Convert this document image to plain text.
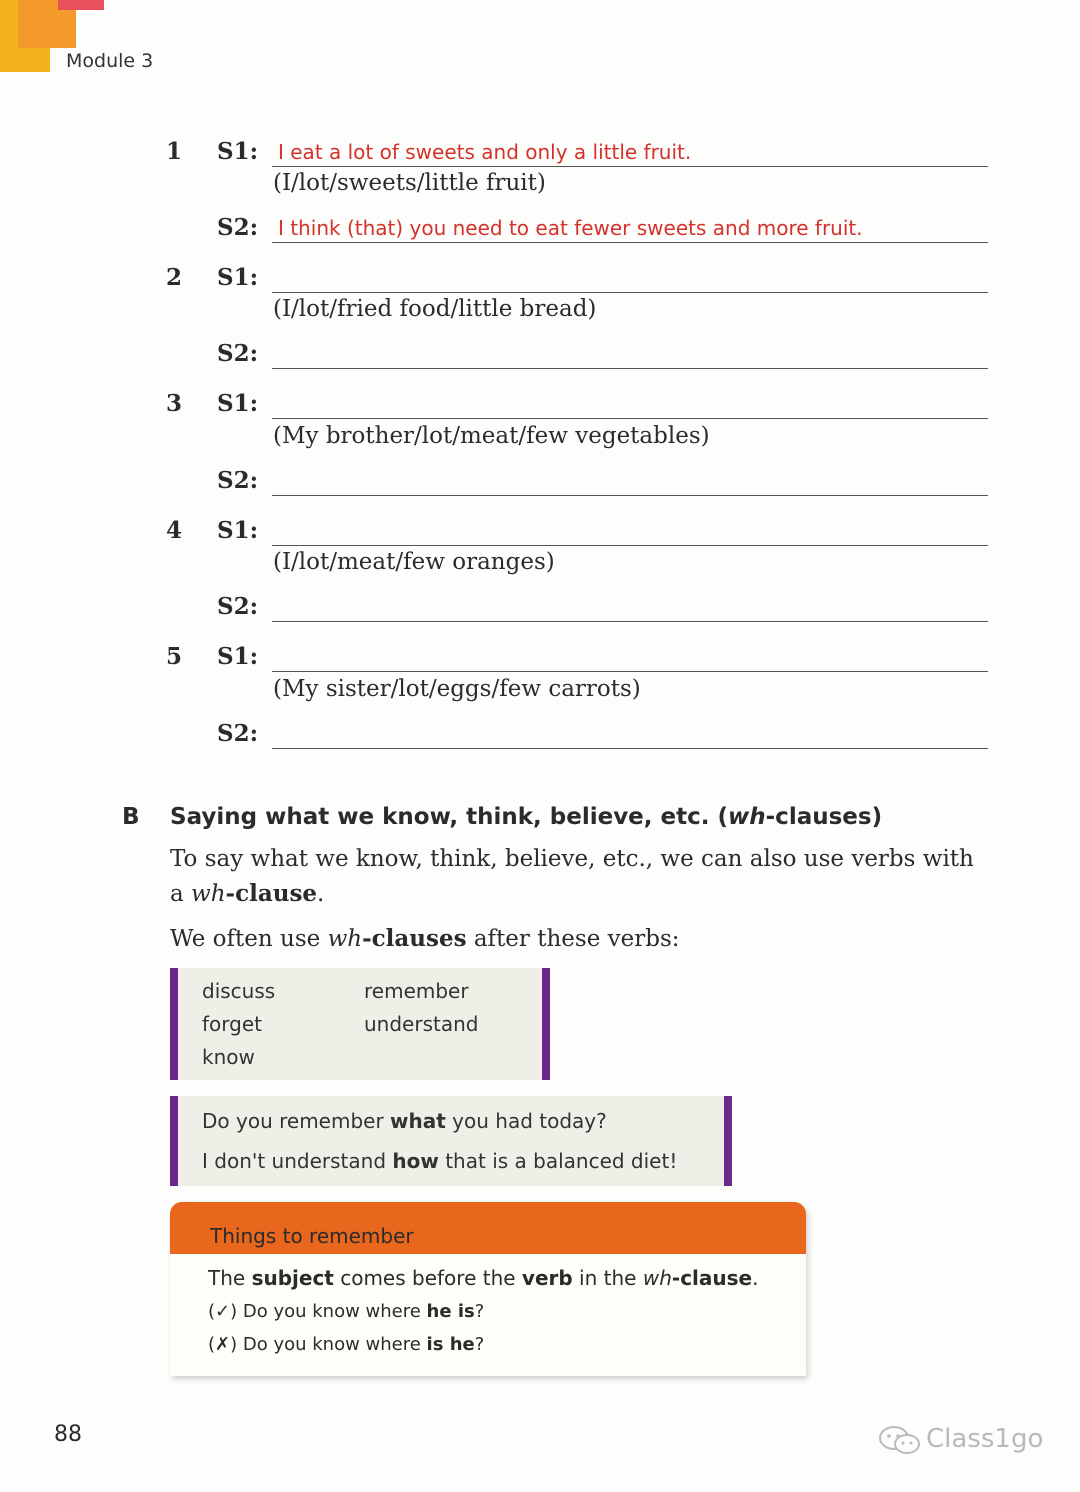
Module 3
1 S1: I eat a lot of sweets and only a little fruit.
(I/lot/sweets/little fruit)
S2: I think (that) you need to eat fewer sweets and more fruit.
2 S1:
(I/lot/fried food/little bread)
S2:
3 S1:
(My brother/lot/meat/few vegetables)
S2:
4 S1:
(I/lot/meat/few oranges)
S2:
5 S1:
(My sister/lot/eggs/few carrots)
S2:
B Saying what we know, think, believe, etc. (wh-clauses)
To say what we know, think, believe, etc., we can also use verbs with
a wh-clause.
We often use wh-clauses after these verbs:
discuss
forget
know
remember
understand
Do you remember what you had today?
I don't understand how that is a balanced diet!
Things to remember
The subject comes before the verb in the wh-clause.
(✓) Do you know where he is?
(✗) Do you know where is he?
88	Class1go
